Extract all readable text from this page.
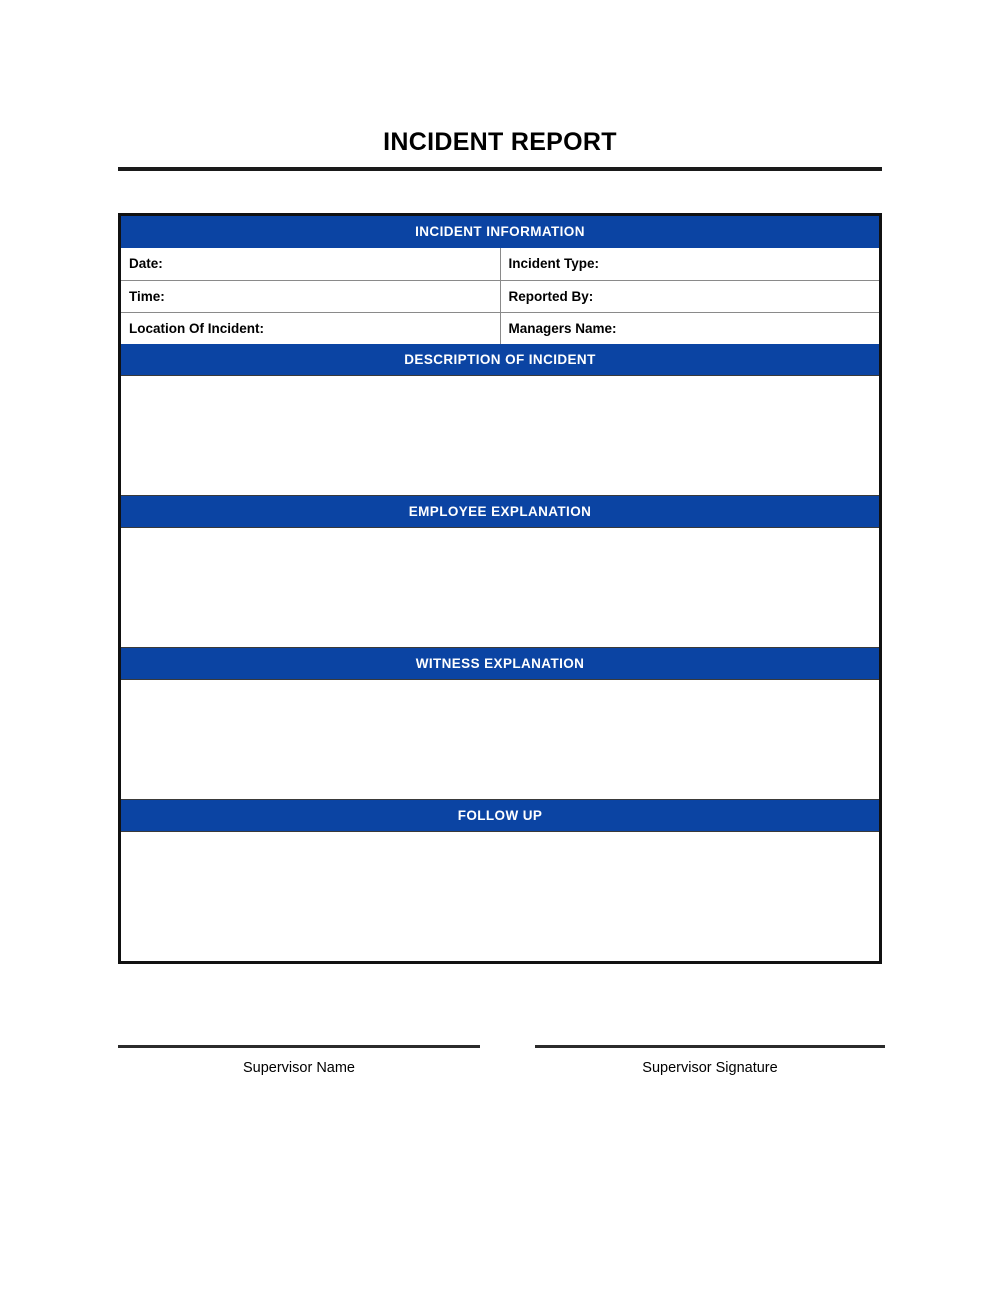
INCIDENT REPORT
INCIDENT INFORMATION
Date:	Incident Type:
Time:	Reported By:
Location Of Incident:	Managers Name:
DESCRIPTION OF INCIDENT
EMPLOYEE EXPLANATION
WITNESS EXPLANATION
FOLLOW UP
Supervisor Name	Supervisor Signature
